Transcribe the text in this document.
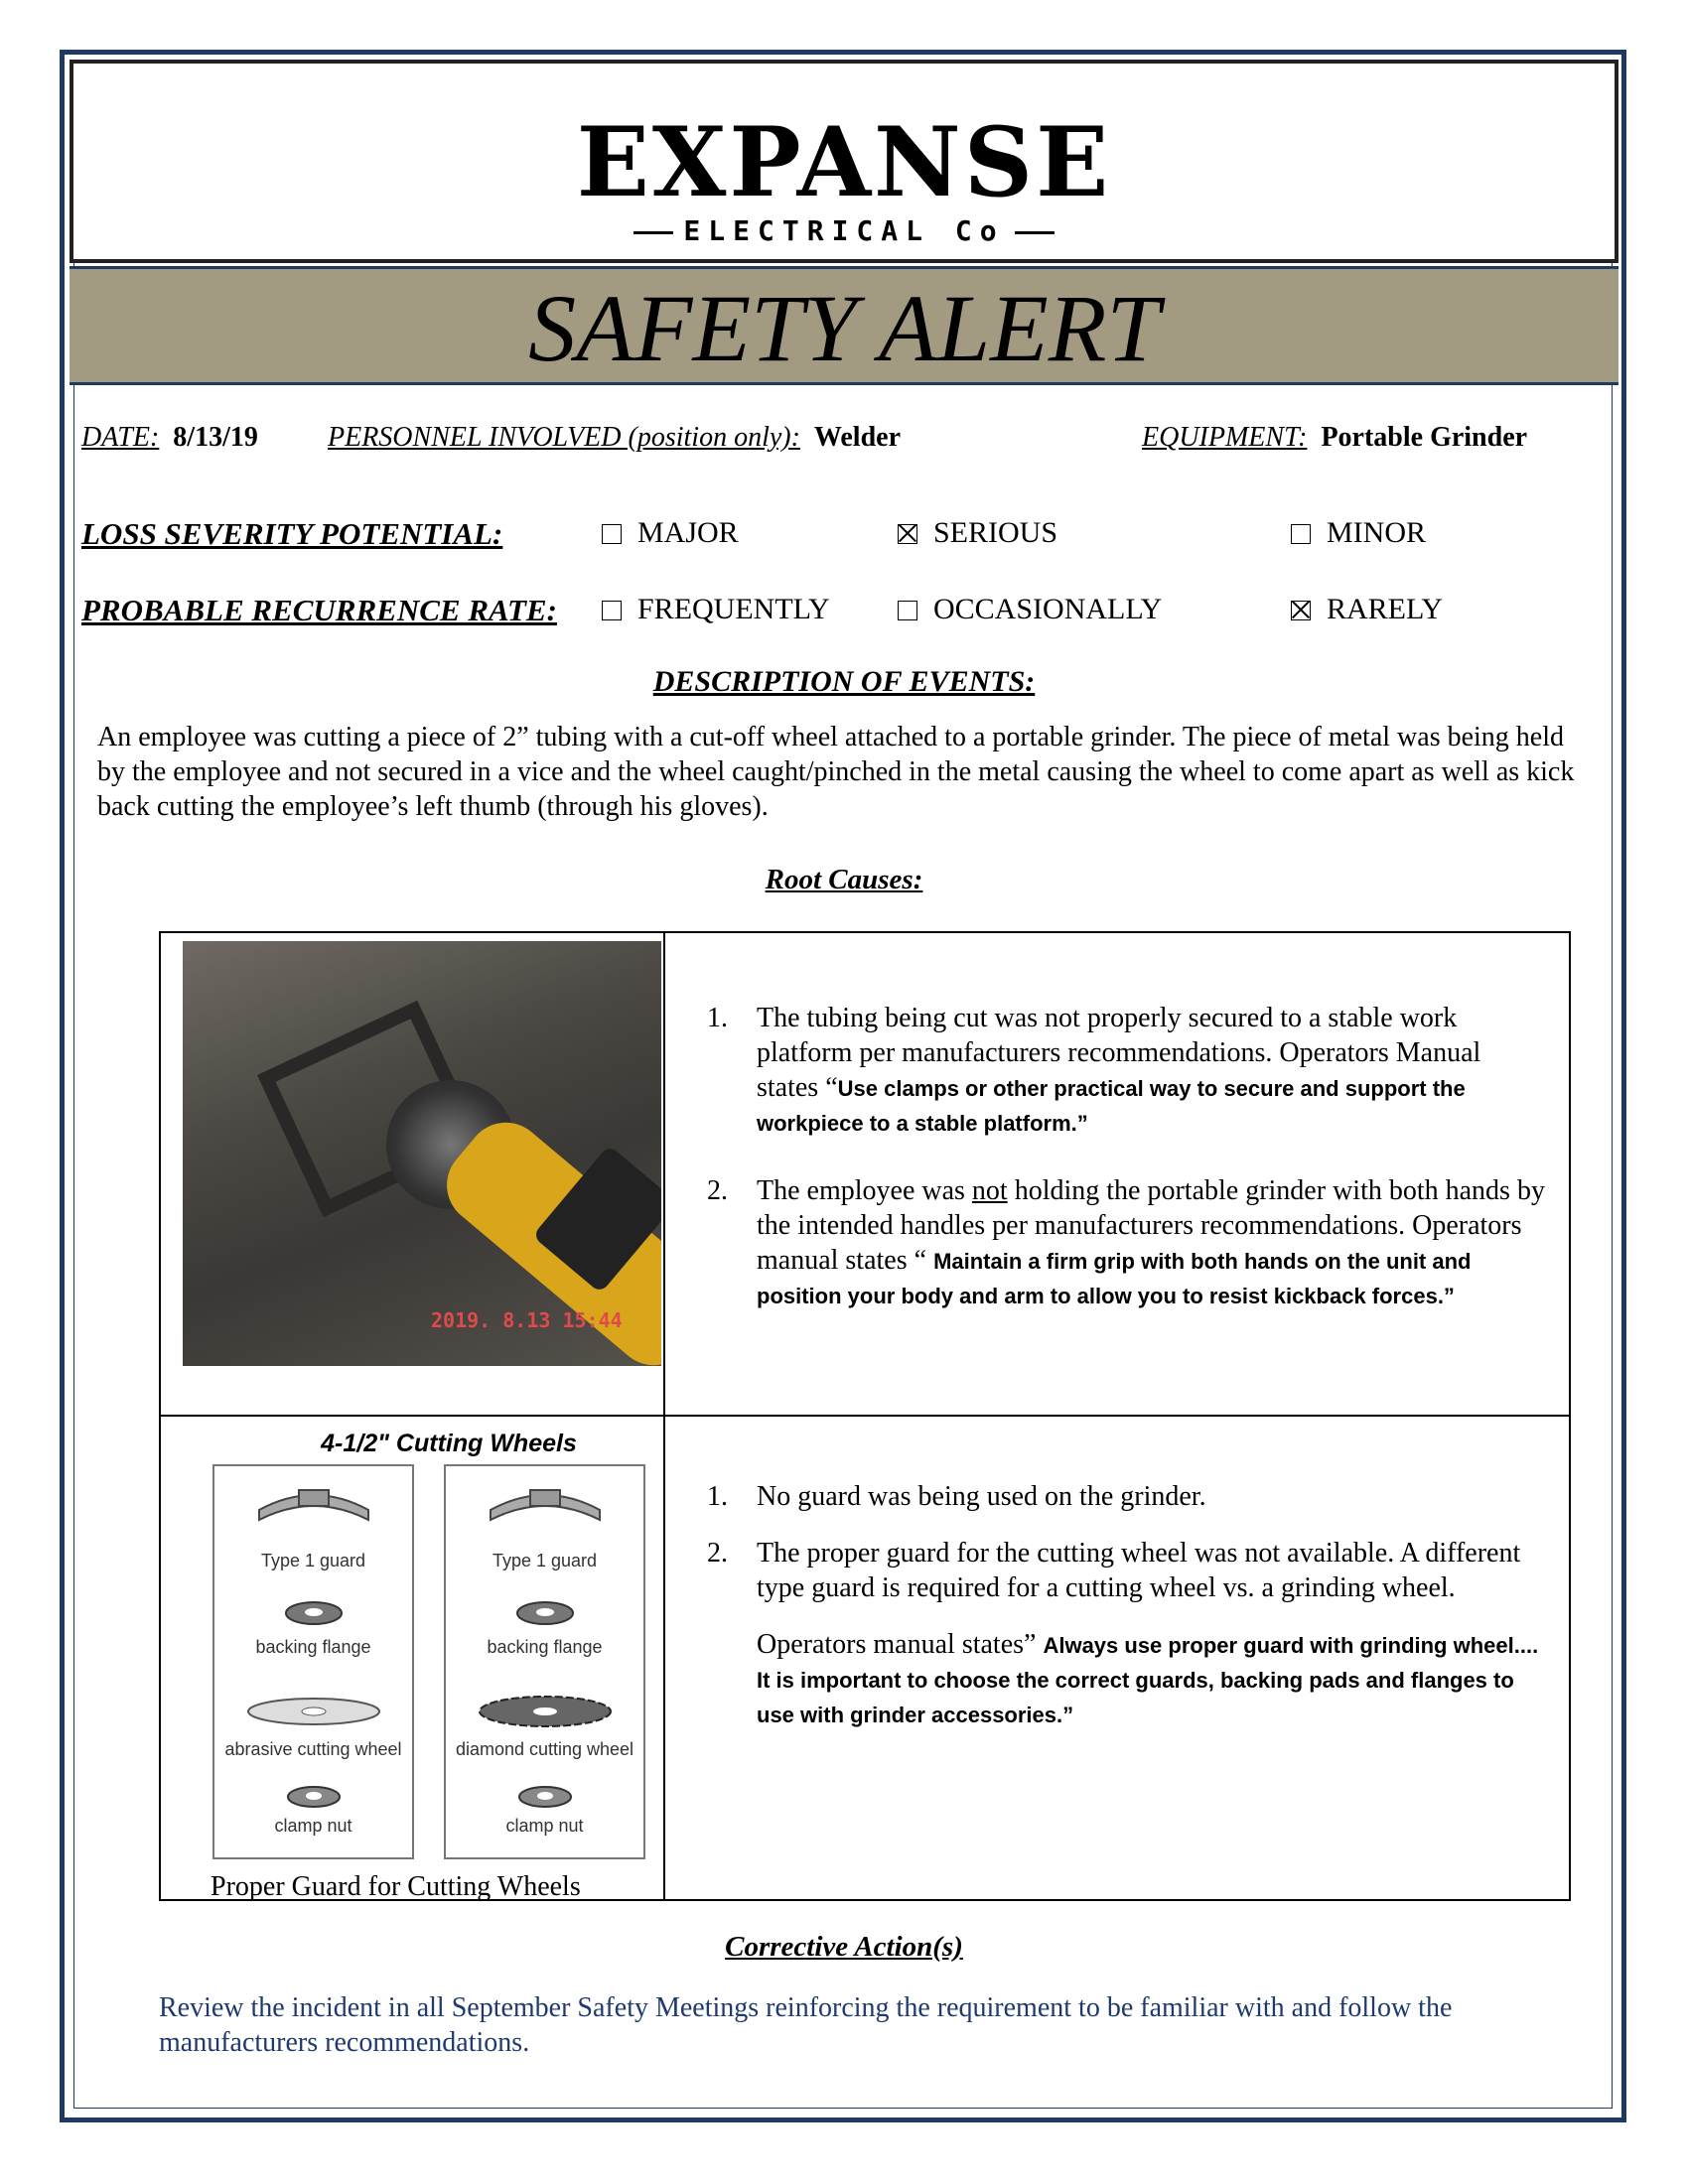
EXPANSE
ELECTRICAL Co
SAFETY ALERT
DATE: 8/13/19	PERSONNEL INVOLVED (position only): Welder	EQUIPMENT: Portable Grinder
LOSS SEVERITY POTENTIAL:	MAJOR	SERIOUS	MINOR
PROBABLE RECURRENCE RATE:	FREQUENTLY	OCCASIONALLY	RARELY
DESCRIPTION OF EVENTS:
An employee was cutting a piece of 2” tubing with a cut-off wheel attached to a portable grinder. The piece of metal was being held by the employee and not secured in a vice and the wheel caught/pinched in the metal causing the wheel to come apart as well as kick back cutting the employee’s left thumb (through his gloves).
Root Causes:
2019. 8.13 15:44
1. The tubing being cut was not properly secured to a stable work platform per manufacturers recommendations. Operators Manual states “Use clamps or other practical way to secure and support the workpiece to a stable platform.”
2. The employee was not holding the portable grinder with both hands by the intended handles per manufacturers recommendations. Operators manual states “ Maintain a firm grip with both hands on the unit and position your body and arm to allow you to resist kickback forces.”
4-1/2" Cutting Wheels
Type 1 guard
backing flange
abrasive cutting wheel
clamp nut
Type 1 guard
backing flange
diamond cutting wheel
clamp nut
Proper Guard for Cutting Wheels
1. No guard was being used on the grinder.
2. The proper guard for the cutting wheel was not available. A different type guard is required for a cutting wheel vs. a grinding wheel.
Operators manual states” Always use proper guard with grinding wheel.... It is important to choose the correct guards, backing pads and flanges to use with grinder accessories.”
Corrective Action(s)
Review the incident in all September Safety Meetings reinforcing the requirement to be familiar with and follow the manufacturers recommendations.
